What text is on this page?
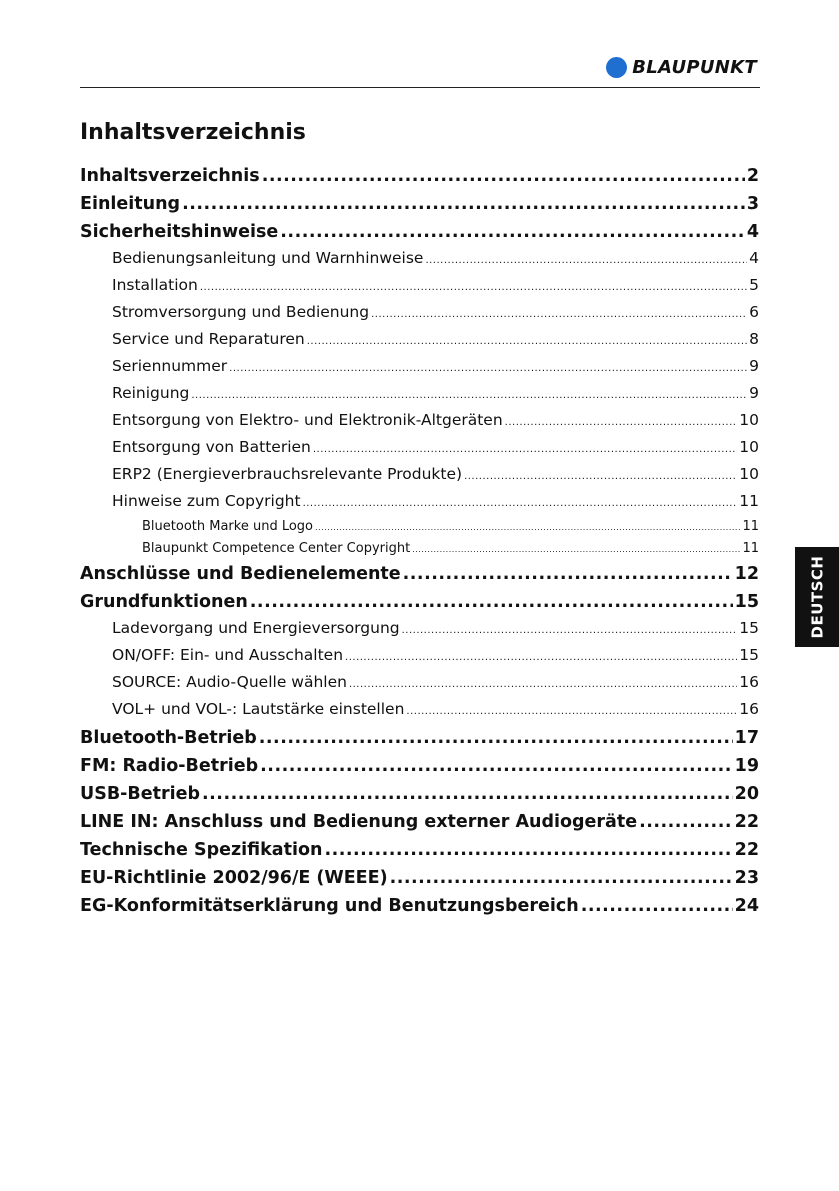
BLAUPUNKT
Inhaltsverzeichnis
Inhaltsverzeichnis .....	2
Einleitung .....	3
Sicherheitshinweise .....	4
Bedienungsanleitung und Warnhinweise .....	4
Installation .....	5
Stromversorgung und Bedienung .....	6
Service und Reparaturen .....	8
Seriennummer .....	9
Reinigung .....	9
Entsorgung von Elektro- und Elektronik-Altgeräten .....	10
Entsorgung von Batterien .....	10
ERP2 (Energieverbrauchsrelevante Produkte) .....	10
Hinweise zum Copyright .....	11
Bluetooth Marke und Logo .....	11
Blaupunkt Competence Center Copyright .....	11
Anschlüsse und Bedienelemente .....	12
Grundfunktionen .....	15
Ladevorgang und Energieversorgung .....	15
ON/OFF: Ein- und Ausschalten .....	15
SOURCE: Audio-Quelle wählen .....	16
VOL+ und VOL-: Lautstärke einstellen .....	16
Bluetooth-Betrieb .....	17
FM: Radio-Betrieb .....	19
USB-Betrieb .....	20
LINE IN: Anschluss und Bedienung externer Audiogeräte .....	22
Technische Spezifikation .....	22
EU-Richtlinie 2002/96/E (WEEE) .....	23
EG-Konformitätserklärung und Benutzungsbereich .....	24
DEUTSCH
